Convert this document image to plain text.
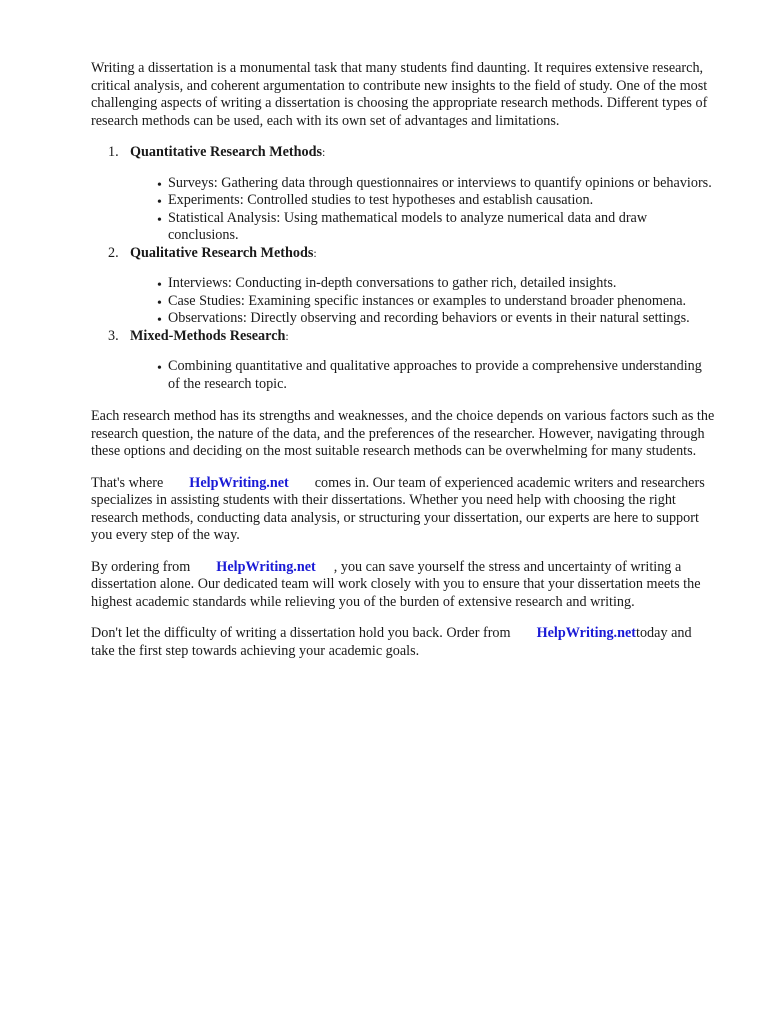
Writing a dissertation is a monumental task that many students find daunting. It requires extensive research, critical analysis, and coherent argumentation to contribute new insights to the field of study. One of the most challenging aspects of writing a dissertation is choosing the appropriate research methods. Different types of research methods can be used, each with its own set of advantages and limitations.

1. Quantitative Research Methods:
• Surveys: Gathering data through questionnaires or interviews to quantify opinions or behaviors.
• Experiments: Controlled studies to test hypotheses and establish causation.
• Statistical Analysis: Using mathematical models to analyze numerical data and draw conclusions.
2. Qualitative Research Methods:
• Interviews: Conducting in-depth conversations to gather rich, detailed insights.
• Case Studies: Examining specific instances or examples to understand broader phenomena.
• Observations: Directly observing and recording behaviors or events in their natural settings.
3. Mixed-Methods Research:
• Combining quantitative and qualitative approaches to provide a comprehensive understanding of the research topic.

Each research method has its strengths and weaknesses, and the choice depends on various factors such as the research question, the nature of the data, and the preferences of the researcher. However, navigating through these options and deciding on the most suitable research methods can be overwhelming for many students.

That's where HelpWriting.net comes in. Our team of experienced academic writers and researchers specializes in assisting students with their dissertations. Whether you need help with choosing the right research methods, conducting data analysis, or structuring your dissertation, our experts are here to support you every step of the way.

By ordering from HelpWriting.net , you can save yourself the stress and uncertainty of writing a dissertation alone. Our dedicated team will work closely with you to ensure that your dissertation meets the highest academic standards while relieving you of the burden of extensive research and writing.

Don't let the difficulty of writing a dissertation hold you back. Order from HelpWriting.nettoday and take the first step towards achieving your academic goals.
